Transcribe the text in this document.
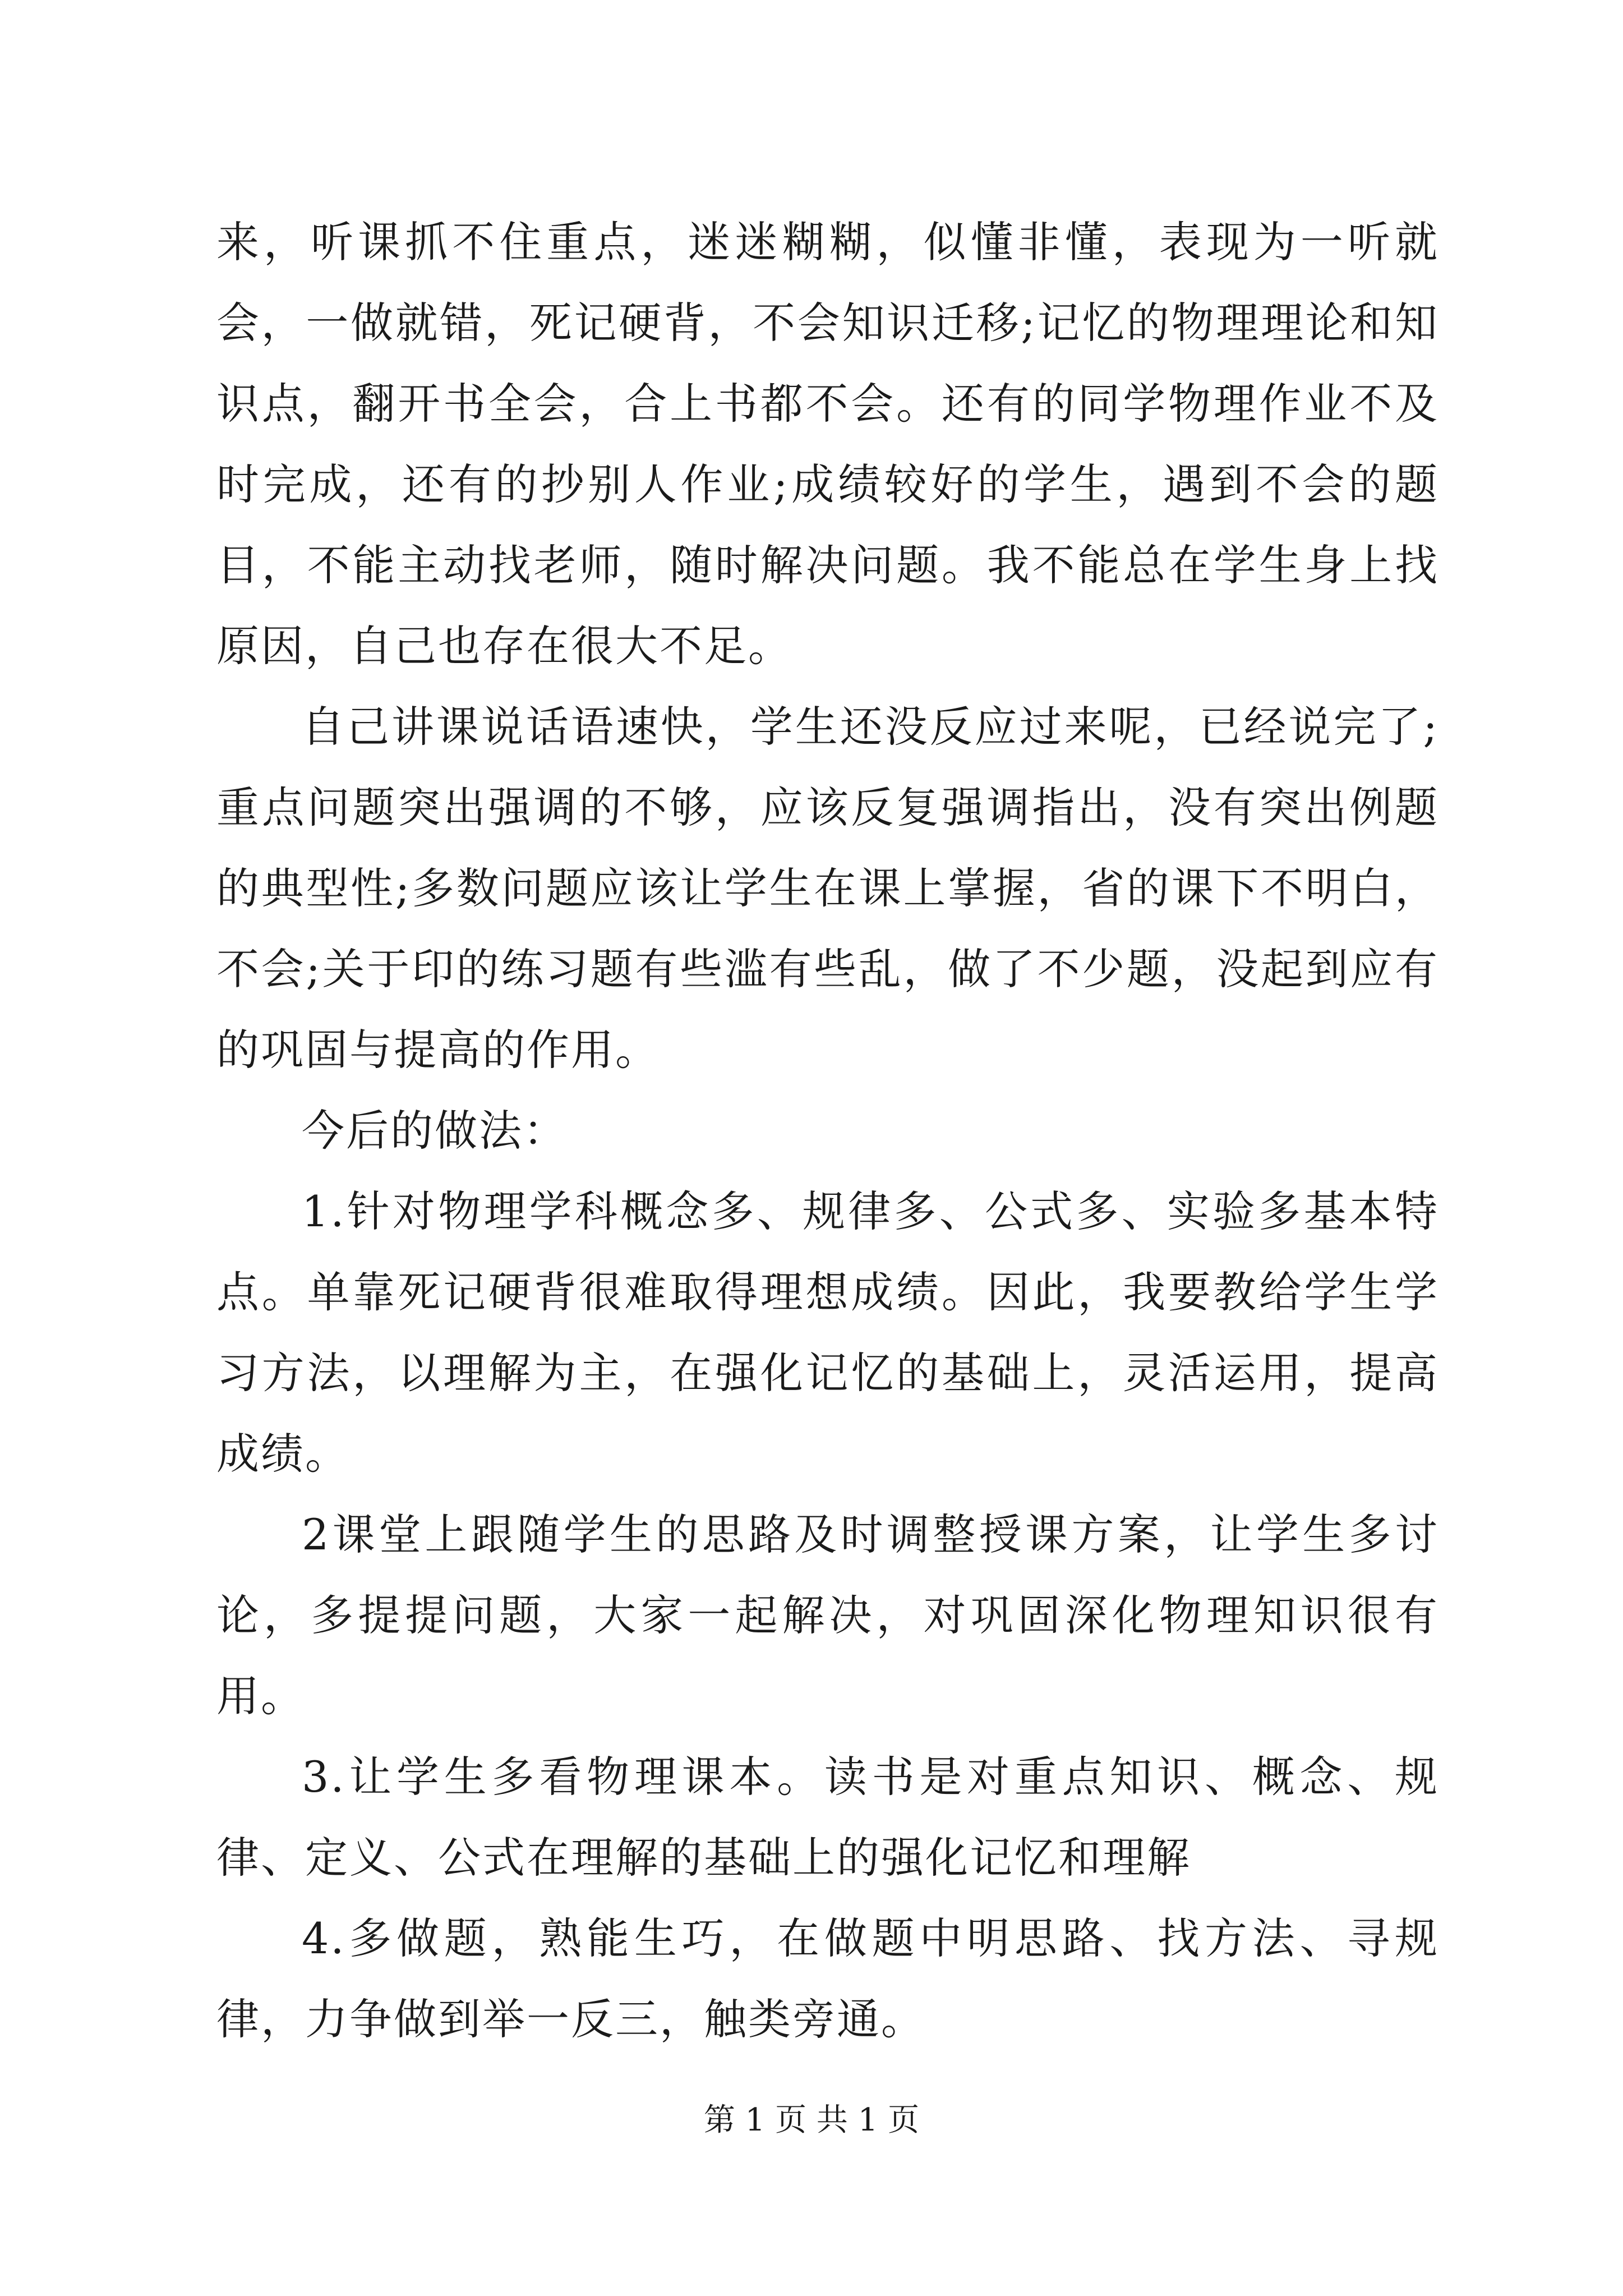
来，听课抓不住重点，迷迷糊糊，似懂非懂，表现为一听就会，一做就错，死记硬背，不会知识迁移;记忆的物理理论和知识点，翻开书全会，合上书都不会。还有的同学物理作业不及时完成，还有的抄别人作业;成绩较好的学生，遇到不会的题目，不能主动找老师，随时解决问题。我不能总在学生身上找原因，自己也存在很大不足。

自己讲课说话语速快，学生还没反应过来呢，已经说完了;重点问题突出强调的不够，应该反复强调指出，没有突出例题的典型性;多数问题应该让学生在课上掌握，省的课下不明白，不会;关于印的练习题有些滥有些乱，做了不少题，没起到应有的巩固与提高的作用。

今后的做法：

1.针对物理学科概念多、规律多、公式多、实验多基本特点。单靠死记硬背很难取得理想成绩。因此，我要教给学生学习方法，以理解为主，在强化记忆的基础上，灵活运用，提高成绩。

2课堂上跟随学生的思路及时调整授课方案，让学生多讨论，多提提问题，大家一起解决，对巩固深化物理知识很有用。

3.让学生多看物理课本。读书是对重点知识、概念、规律、定义、公式在理解的基础上的强化记忆和理解

4.多做题，熟能生巧，在做题中明思路、找方法、寻规律，力争做到举一反三，触类旁通。

第 1 页 共 1 页
